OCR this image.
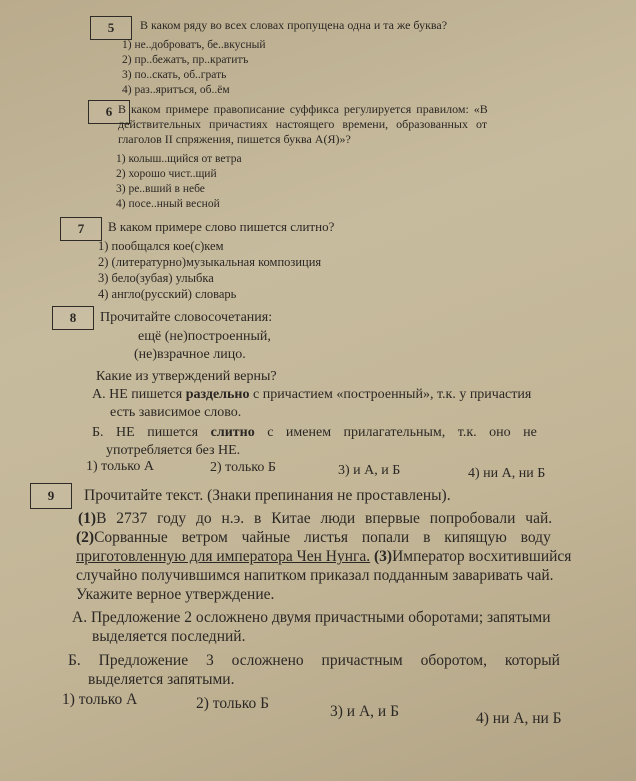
5	В каком ряду во всех словах пропущена одна и та же буква?
1) не..доброватъ, бе..вкусный
2) пр..бежатъ, пр..кратитъ
3) по..скать, об..грать
4) раз..яритъся, об..ём
6 В каком примере правописание суффикса регулируется правилом: «В
действительных причастиях настоящего времени, образованных от
глаголов II спряжения, пишется буква А(Я)»?
1) колыш..щийся от ветра
2) хорошо чист..щий
3) ре..вший в небе
4) посе..нный весной
7	В каком примере слово пишется слитно?
1) пообщался кое(с)кем
2) (литературно)музыкальная композиция
3) бело(зубая) улыбка
4) англо(русский) словарь
8	Прочитайте словосочетания:
ещё (не)построенный,
(не)взрачное лицо.
Какие из утверждений верны?
А. НЕ пишется раздельно с причастием «построенный», т.к. у причастия
есть зависимое слово.
Б. НЕ пишется слитно с именем прилагательным, т.к. оно не
употребляется без НЕ.
1) только А	2) только Б	3) и А, и Б	4) ни А, ни Б
9	Прочитайте текст. (Знаки препинания не проставлены).
(1)В 2737 году до н.э. в Китае люди впервые попробовали чай.
(2)Сорванные ветром чайные листья попали в кипящую воду
приготовленную для императора Чен Нунга. (3)Император восхитившийся
случайно получившимся напитком приказал подданным заваривать чай.
Укажите верное утверждение.
А. Предложение 2 осложнено двумя причастными оборотами; запятыми
выделяется последний.
Б. Предложение 3 осложнено причастным оборотом, который
выделяется запятыми.
1) только А	2) только Б	3) и А, и Б	4) ни А, ни Б
